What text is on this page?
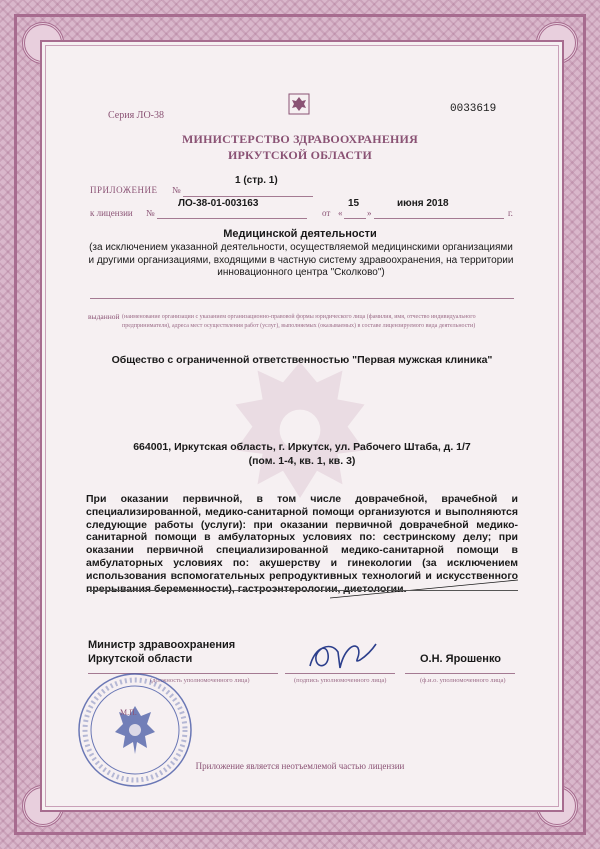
Серия ЛО-38
0033619
МИНИСТЕРСТВО ЗДРАВООХРАНЕНИЯ
ИРКУТСКОЙ ОБЛАСТИ
ПРИЛОЖЕНИЕ №
1 (стр. 1)
к лицензии №
ЛО-38-01-003163
от «
15
»
июня 2018
г.
Медицинской деятельности
(за исключением указанной деятельности, осуществляемой медицинскими организациями и другими организациями, входящими в частную систему здравоохранения, на территории инновационного центра "Сколково")
выданной (наименование организации с указанием организационно-правовой формы юридического лица (фамилия, имя, отчество индивидуального предпринимателя), адреса мест осуществления работ (услуг), выполняемых (оказываемых) в составе лицензируемого вида деятельности)
Общество с ограниченной ответственностью "Первая мужская клиника"
664001, Иркутская область, г. Иркутск, ул. Рабочего Штаба, д. 1/7
(пом. 1-4, кв. 1, кв. 3)
При оказании первичной, в том числе доврачебной, врачебной и специализированной, медико-санитарной помощи организуются и выполняются следующие работы (услуги): при оказании первичной доврачебной медико-санитарной помощи в амбулаторных условиях по: сестринскому делу; при оказании первичной специализированной медико-санитарной помощи в амбулаторных условиях по: акушерству и гинекологии (за исключением использования вспомогательных репродуктивных технологий и искусственного прерывания беременности), гастроэнтерологии, диетологии.
Министр здравоохранения
Иркутской области	О.Н. Ярошенко
(должность уполномоченного лица)	(подпись уполномоченного лица)	(ф.и.о. уполномоченного лица)
М.П.
Приложение является неотъемлемой частью лицензии
